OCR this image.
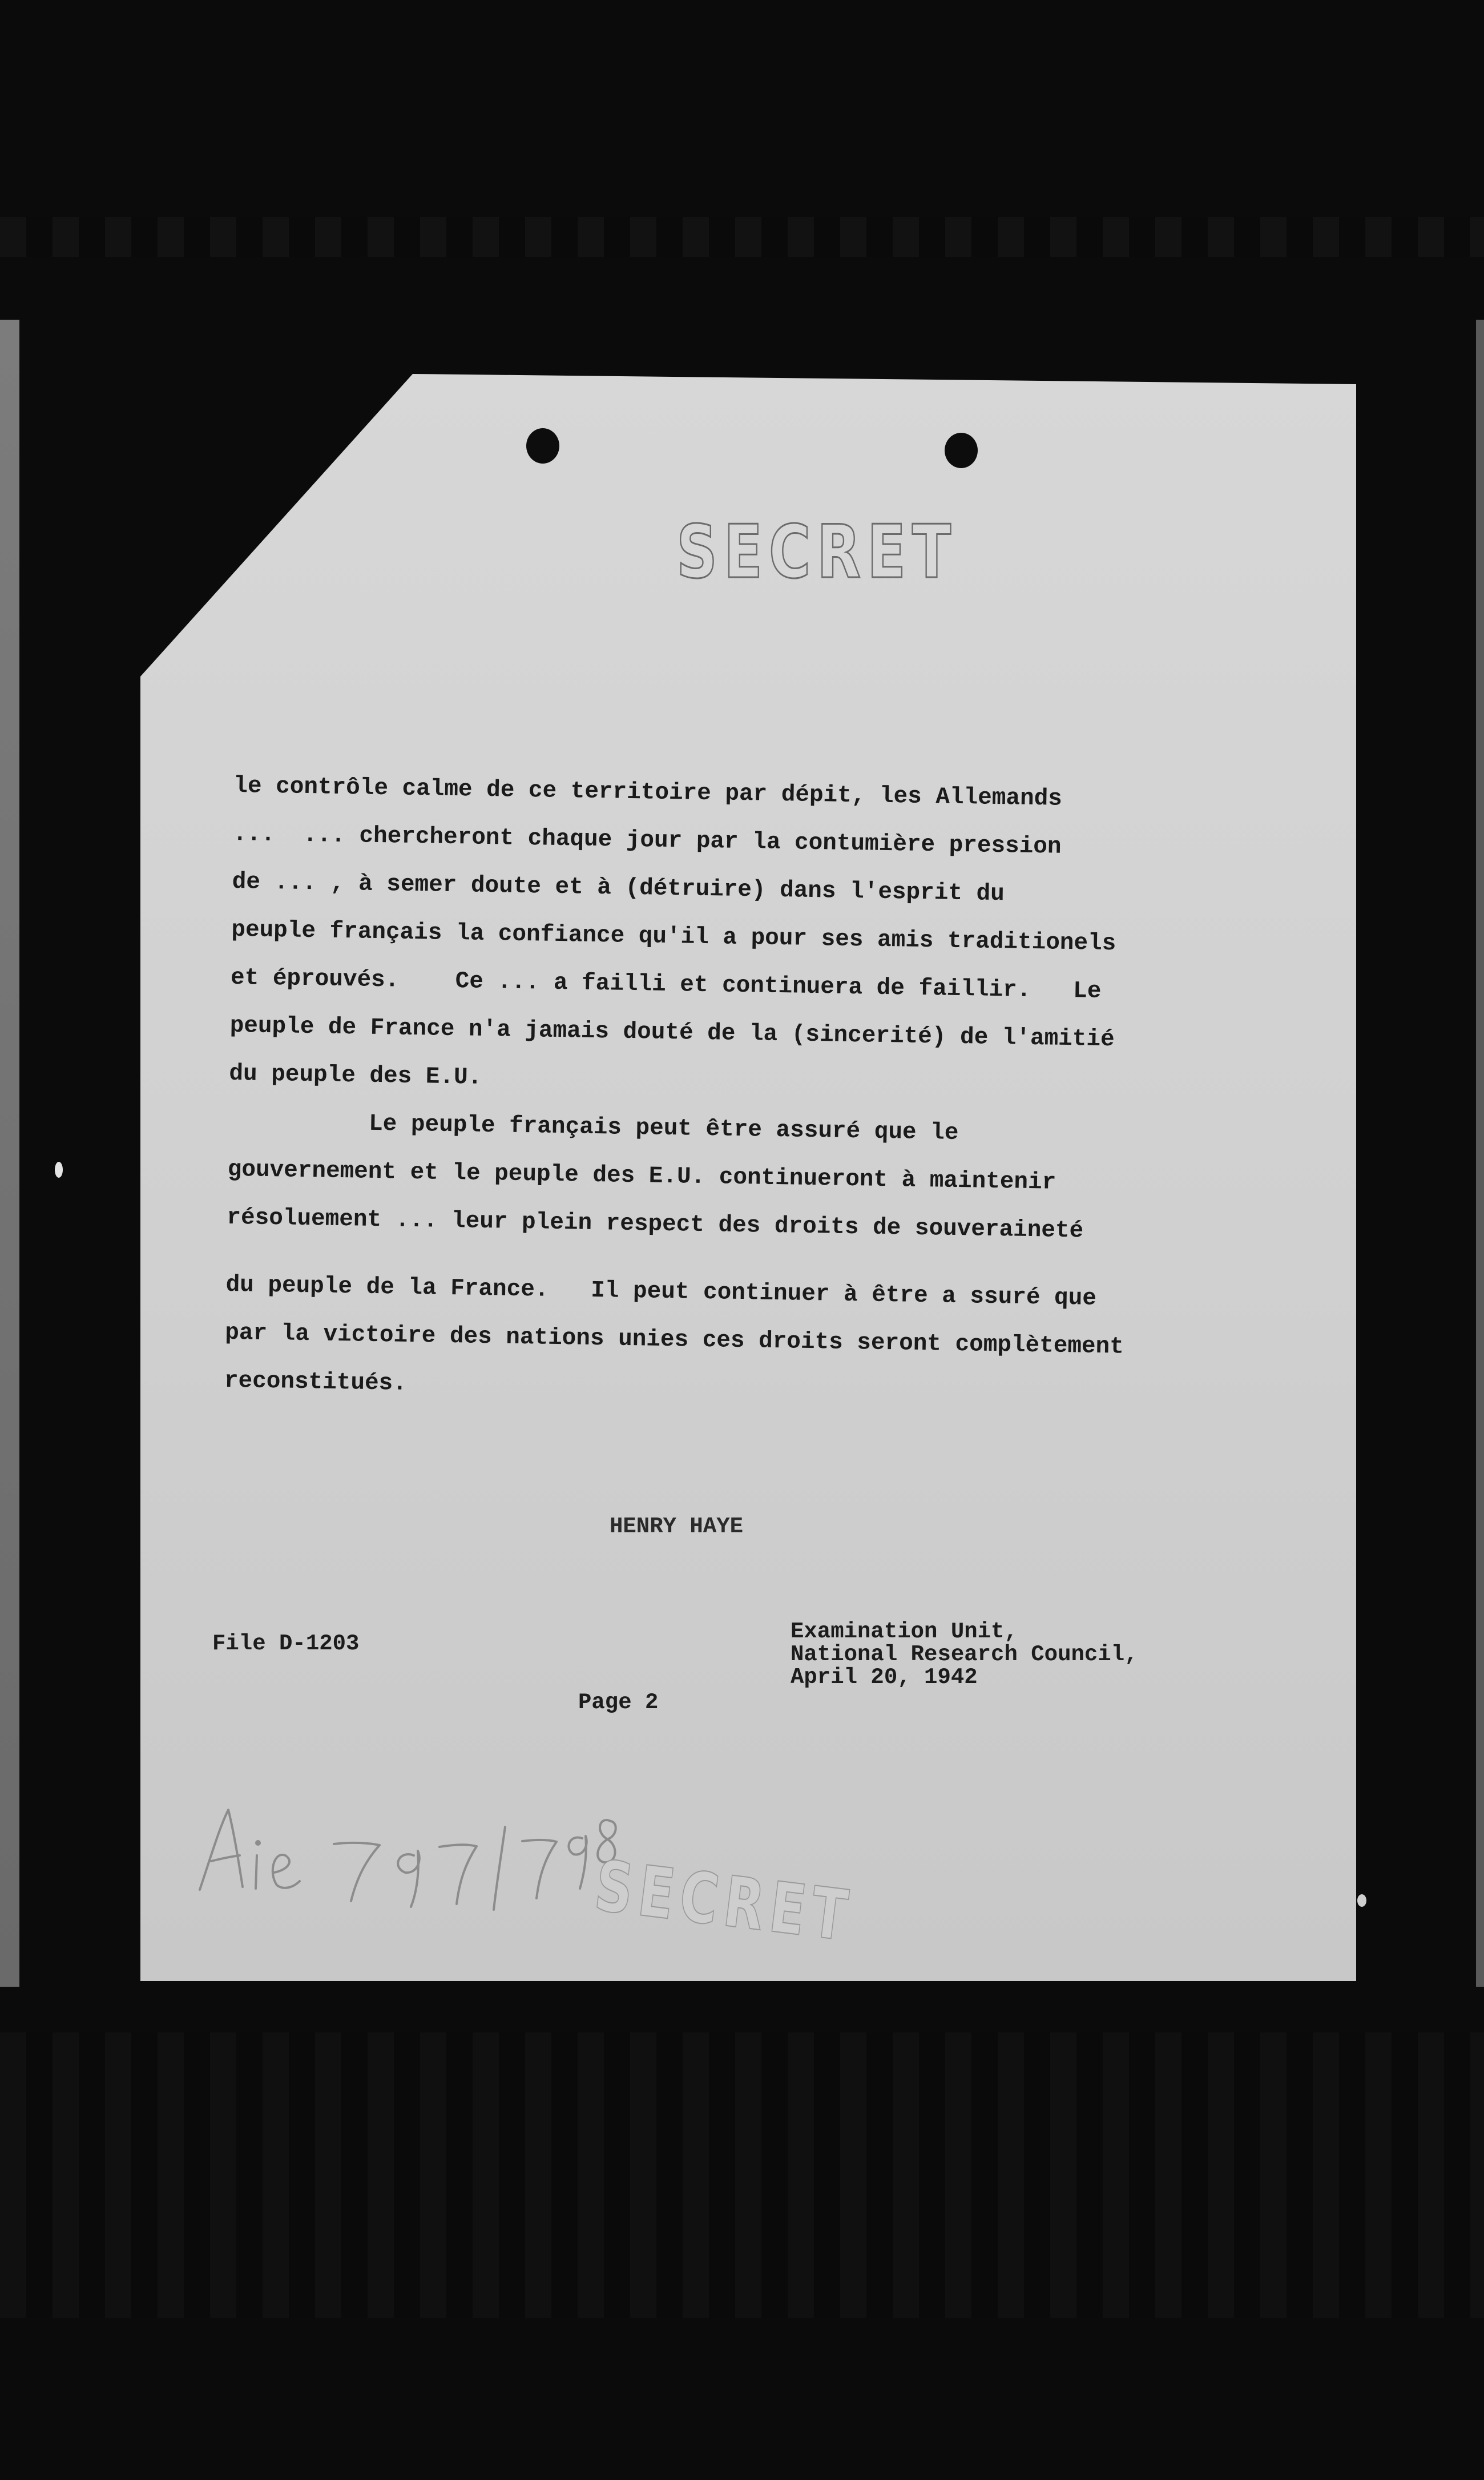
SECRET
le contrôle calme de ce territoire par dépit, les Allemands
...  ... chercheront chaque jour par la contumière pression
de ... , à semer doute et à (détruire) dans l'esprit du
peuple français la confiance qu'il a pour ses amis traditionels
et éprouvés.    Ce ... a failli et continuera de faillir.   Le
peuple de France n'a jamais douté de la (sincerité) de l'amitié
du peuple des E.U.
Le peuple français peut être assuré que le
gouvernement et le peuple des E.U. continueront à maintenir
résoluement ... leur plein respect des droits de souveraineté
du peuple de la France.   Il peut continuer à être a ssuré que
par la victoire des nations unies ces droits seront complètement
reconstitués.
HENRY HAYE
File D-1203	Examination Unit,
National Research Council,
April 20, 1942
Page 2
SECRET
